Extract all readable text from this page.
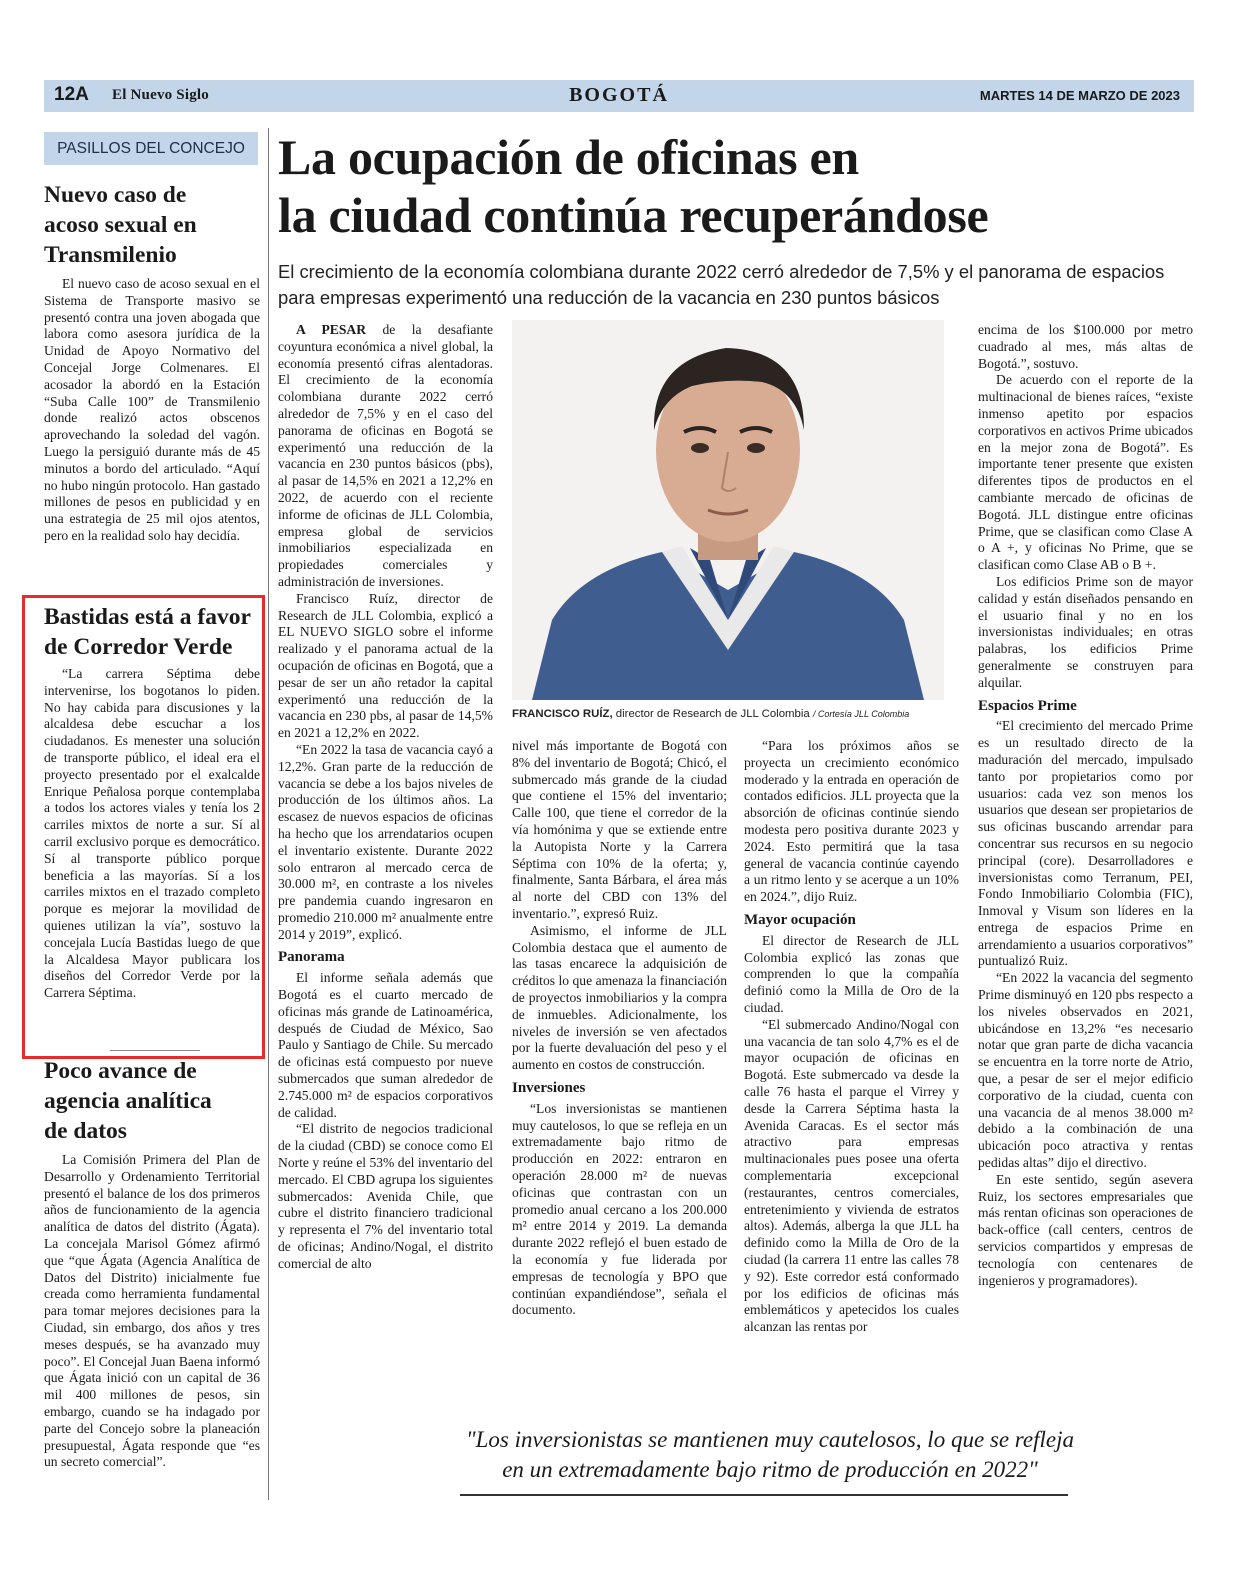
12A El Nuevo Siglo	BOGOTÁ	MARTES 14 DE MARZO DE 2023
PASILLOS DEL CONCEJO
Nuevo caso de
acoso sexual en
Transmilenio

El nuevo caso de acoso sexual en el Sistema de Transporte masivo se presentó contra una joven abogada que labora como asesora jurídica de la Unidad de Apoyo Normativo del Concejal Jorge Colmenares. El acosador la abordó en la Estación “Suba Calle 100” de Transmilenio donde realizó actos obscenos aprovechando la soledad del vagón. Luego la persiguió durante más de 45 minutos a bordo del articulado. “Aquí no hubo ningún protocolo. Han gastado millones de pesos en publicidad y en una estrategia de 25 mil ojos atentos, pero en la realidad solo hay decidía.

Bastidas está a favor
de Corredor Verde

“La carrera Séptima debe intervenirse, los bogotanos lo piden. No hay cabida para discusiones y la alcaldesa debe escuchar a los ciudadanos. Es menester una solución de transporte público, el ideal era el proyecto presentado por el exalcalde Enrique Peñalosa porque contemplaba a todos los actores viales y tenía los 2 carriles mixtos de norte a sur. Sí al carril exclusivo porque es democrático. Sí al transporte público porque beneficia a las mayorías. Sí a los carriles mixtos en el trazado completo porque es mejorar la movilidad de quienes utilizan la vía”, sostuvo la concejala Lucía Bastidas luego de que la Alcaldesa Mayor publicara los diseños del Corredor Verde por la Carrera Séptima.

Poco avance de
agencia analítica
de datos

La Comisión Primera del Plan de Desarrollo y Ordenamiento Territorial presentó el balance de los dos primeros años de funcionamiento de la agencia analítica de datos del distrito (Ágata). La concejala Marisol Gómez afirmó que “que Ágata (Agencia Analítica de Datos del Distrito) inicialmente fue creada como herramienta fundamental para tomar mejores decisiones para la Ciudad, sin embargo, dos años y tres meses después, se ha avanzado muy poco”. El Concejal Juan Baena informó que Ágata inició con un capital de 36 mil 400 millones de pesos, sin embargo, cuando se ha indagado por parte del Concejo sobre la planeación presupuestal, Ágata responde que “es un secreto comercial”.

La ocupación de oficinas en
la ciudad continúa recuperándose
El crecimiento de la economía colombiana durante 2022 cerró alrededor de 7,5% y el panorama de espacios para empresas experimentó una reducción de la vacancia en 230 puntos básicos
FRANCISCO RUÍZ, director de Research de JLL Colombia / Cortesía JLL Colombia

A PESAR de la desafiante coyuntura económica a nivel global, la economía presentó cifras alentadoras. El crecimiento de la economía colombiana durante 2022 cerró alrededor de 7,5% y en el caso del panorama de oficinas en Bogotá se experimentó una reducción de la vacancia en 230 puntos básicos (pbs), al pasar de 14,5% en 2021 a 12,2% en 2022, de acuerdo con el reciente informe de oficinas de JLL Colombia, empresa global de servicios inmobiliarios especializada en propiedades comerciales y administración de inversiones.

Francisco Ruíz, director de Research de JLL Colombia, explicó a EL NUEVO SIGLO sobre el informe realizado y el panorama actual de la ocupación de oficinas en Bogotá, que a pesar de ser un año retador la capital experimentó una reducción de la vacancia en 230 pbs, al pasar de 14,5% en 2021 a 12,2% en 2022.

“En 2022 la tasa de vacancia cayó a 12,2%. Gran parte de la reducción de vacancia se debe a los bajos niveles de producción de los últimos años. La escasez de nuevos espacios de oficinas ha hecho que los arrendatarios ocupen el inventario existente. Durante 2022 solo entraron al mercado cerca de 30.000 m², en contraste a los niveles pre pandemia cuando ingresaron en promedio 210.000 m² anualmente entre 2014 y 2019”, explicó.

Panorama

El informe señala además que Bogotá es el cuarto mercado de oficinas más grande de Latinoamérica, después de Ciudad de México, Sao Paulo y Santiago de Chile. Su mercado de oficinas está compuesto por nueve submercados que suman alrededor de 2.745.000 m² de espacios corporativos de calidad.

“El distrito de negocios tradicional de la ciudad (CBD) se conoce como El Norte y reúne el 53% del inventario del mercado. El CBD agrupa los siguientes submercados: Avenida Chile, que cubre el distrito financiero tradicional y representa el 7% del inventario total de oficinas; Andino/Nogal, el distrito comercial de alto

nivel más importante de Bogotá con 8% del inventario de Bogotá; Chicó, el submercado más grande de la ciudad que contiene el 15% del inventario; Calle 100, que tiene el corredor de la vía homónima y que se extiende entre la Autopista Norte y la Carrera Séptima con 10% de la oferta; y, finalmente, Santa Bárbara, el área más al norte del CBD con 13% del inventario.”, expresó Ruiz.

Asimismo, el informe de JLL Colombia destaca que el aumento de las tasas encarece la adquisición de créditos lo que amenaza la financiación de proyectos inmobiliarios y la compra de inmuebles. Adicionalmente, los niveles de inversión se ven afectados por la fuerte devaluación del peso y el aumento en costos de construcción.

Inversiones

“Los inversionistas se mantienen muy cautelosos, lo que se refleja en un extremadamente bajo ritmo de producción en 2022: entraron en operación 28.000 m² de nuevas oficinas que contrastan con un promedio anual cercano a los 200.000 m² entre 2014 y 2019. La demanda durante 2022 reflejó el buen estado de la economía y fue liderada por empresas de tecnología y BPO que continúan expandiéndose”, señala el documento.

“Para los próximos años se proyecta un crecimiento económico moderado y la entrada en operación de contados edificios. JLL proyecta que la absorción de oficinas continúe siendo modesta pero positiva durante 2023 y 2024. Esto permitirá que la tasa general de vacancia continúe cayendo a un ritmo lento y se acerque a un 10% en 2024.”, dijo Ruiz.

Mayor ocupación

El director de Research de JLL Colombia explicó las zonas que comprenden lo que la compañía definió como la Milla de Oro de la ciudad.

“El submercado Andino/Nogal con una vacancia de tan solo 4,7% es el de mayor ocupación de oficinas en Bogotá. Este submercado va desde la calle 76 hasta el parque el Virrey y desde la Carrera Séptima hasta la Avenida Caracas. Es el sector más atractivo para empresas multinacionales pues posee una oferta complementaria excepcional (restaurantes, centros comerciales, entretenimiento y vivienda de estratos altos). Además, alberga la que JLL ha definido como la Milla de Oro de la ciudad (la carrera 11 entre las calles 78 y 92). Este corredor está conformado por los edificios de oficinas más emblemáticos y apetecidos los cuales alcanzan las rentas por

encima de los $100.000 por metro cuadrado al mes, más altas de Bogotá.”, sostuvo.

De acuerdo con el reporte de la multinacional de bienes raíces, “existe inmenso apetito por espacios corporativos en activos Prime ubicados en la mejor zona de Bogotá”. Es importante tener presente que existen diferentes tipos de productos en el cambiante mercado de oficinas de Bogotá. JLL distingue entre oficinas Prime, que se clasifican como Clase A o A +, y oficinas No Prime, que se clasifican como Clase AB o B +.

Los edificios Prime son de mayor calidad y están diseñados pensando en el usuario final y no en los inversionistas individuales; en otras palabras, los edificios Prime generalmente se construyen para alquilar.

Espacios Prime

“El crecimiento del mercado Prime es un resultado directo de la maduración del mercado, impulsado tanto por propietarios como por usuarios: cada vez son menos los usuarios que desean ser propietarios de sus oficinas buscando arrendar para concentrar sus recursos en su negocio principal (core). Desarrolladores e inversionistas como Terranum, PEI, Fondo Inmobiliario Colombia (FIC), Inmoval y Visum son líderes en la entrega de espacios Prime en arrendamiento a usuarios corporativos” puntualizó Ruiz.

“En 2022 la vacancia del segmento Prime disminuyó en 120 pbs respecto a los niveles observados en 2021, ubicándose en 13,2% “es necesario notar que gran parte de dicha vacancia se encuentra en la torre norte de Atrio, que, a pesar de ser el mejor edificio corporativo de la ciudad, cuenta con una vacancia de al menos 38.000 m² debido a la combinación de una ubicación poco atractiva y rentas pedidas altas” dijo el directivo.

En este sentido, según asevera Ruiz, los sectores empresariales que más rentan oficinas son operaciones de back-office (call centers, centros de servicios compartidos y empresas de tecnología con centenares de ingenieros y programadores).

"Los inversionistas se mantienen muy cautelosos, lo que se refleja
en un extremadamente bajo ritmo de producción en 2022"
